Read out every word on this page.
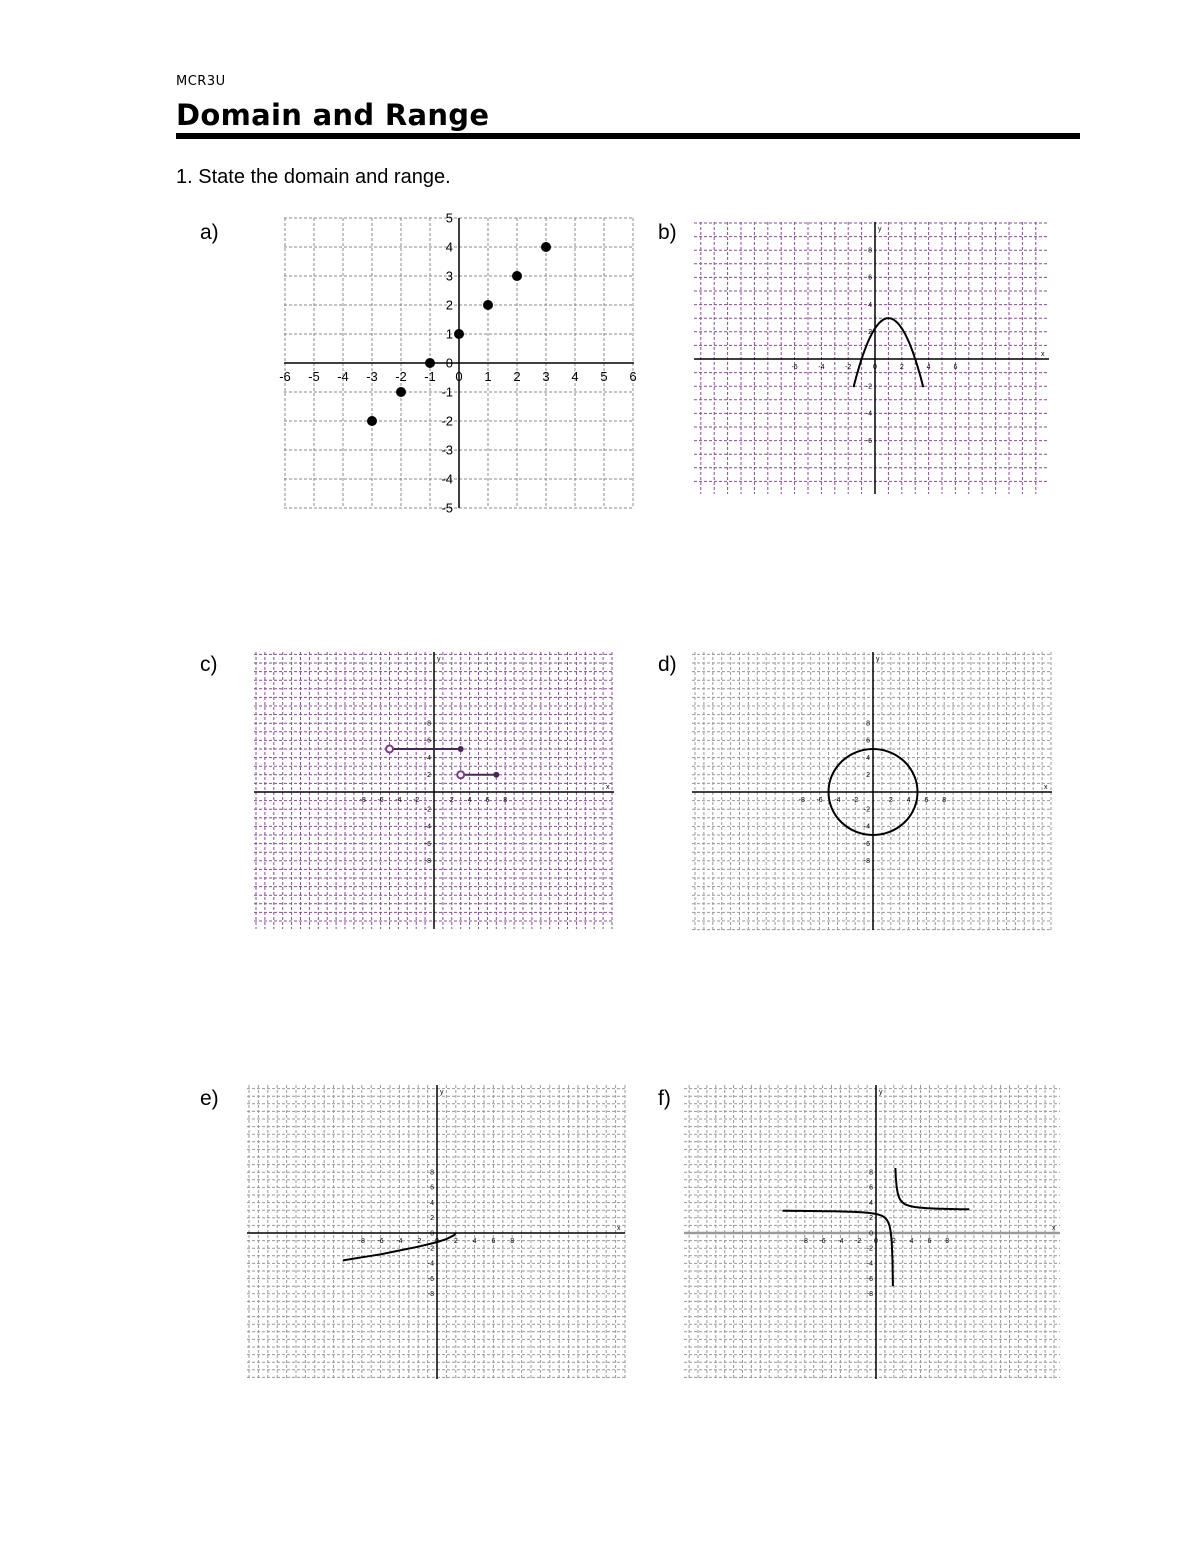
MCR3U
Domain and Range
1. State the domain and range.
a)	b)
c)	d)
e)	f)
-6 -5 -4 -3 -2 -1 0 1 2 3 4 5 6
-5
-4
-3
-2
-1
0
1
2
3
4
5
-6	-4	-2	0	2	4	6
-6
-4
-2
2
4
6
8
x
y
-8 -6 -4 -2	2 4 6 8
-8
-6
-4
-2
2
4
6
8
x
y
-8 -6 -4 -2	2 4 6 8
-8
-6
-4
-2
2
4
6
8
x
y
-8 -6 -4 -2 0 2 4 6 8
-8
-6
-4
-2
0
2
4
6
8
x
y
-8 -6 -4 -2 0 2 4 6 8
-8
-6
-4
-2
0
2
4
6
8
x
y
